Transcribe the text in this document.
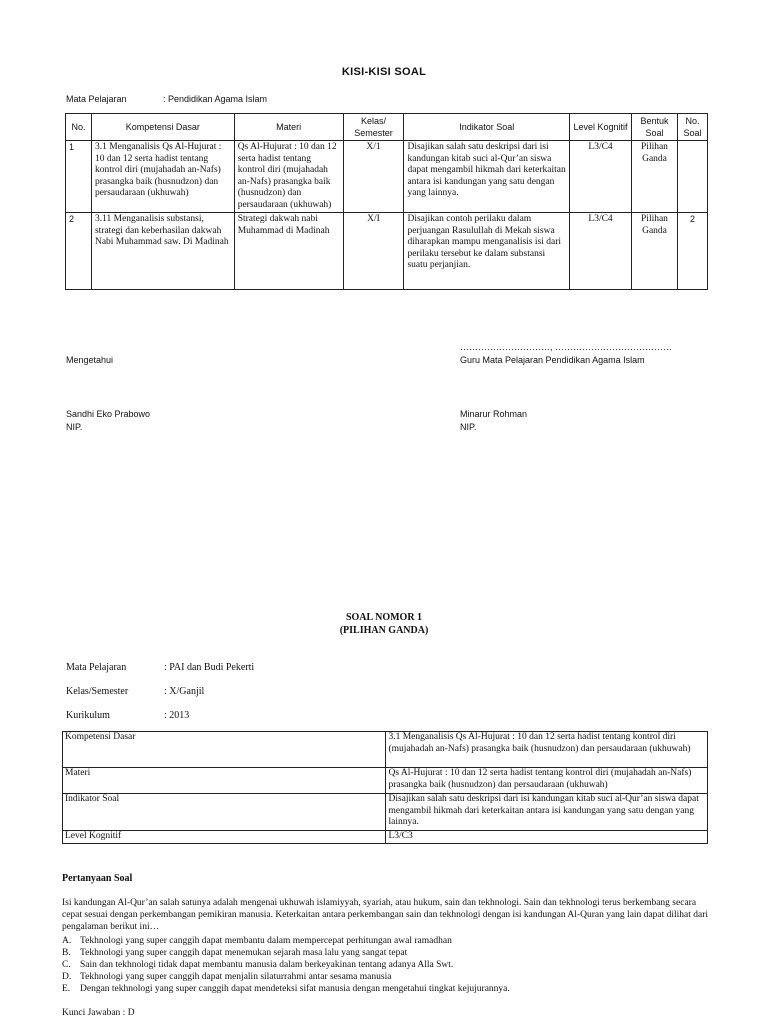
KISI-KISI SOAL
Mata Pelajaran	: Pendidikan Agama Islam
No.	Kompetensi Dasar	Materi	Kelas/ Semester	Indikator Soal	Level Kognitif	Bentuk Soal	No. Soal
1	3.1 Menganalisis Qs Al-Hujurat : 10 dan 12 serta hadist tentang kontrol diri (mujahadah an-Nafs) prasangka baik (husnudzon) dan persaudaraan (ukhuwah)	Qs Al-Hujurat : 10 dan 12 serta hadist tentang kontrol diri (mujahadah an-Nafs) prasangka baik (husnudzon) dan persaudaraan (ukhuwah)	X/1	Disajikan salah satu deskripsi dari isi kandungan kitab suci al-Qur’an siswa dapat mengambil hikmah dari keterkaitan antara isi kandungan yang satu dengan yang lainnya.	L3/C4	Pilihan Ganda	
2	3.11 Menganalisis substansi, strategi dan keberhasilan dakwah Nabi Muhammad saw. Di Madinah	Strategi dakwah nabi Muhammad di Madinah	X/I	Disajikan contoh perilaku dalam perjuangan Rasulullah di Mekah siswa diharapkan mampu menganalisis isi dari perilaku tersebut ke dalam substansi suatu perjanjian.	L3/C4	Pilihan Ganda	2
…………………………, …………………………………
Mengetahui	Guru Mata Pelajaran Pendidikan Agama Islam
Sandhi Eko Prabowo
NIP.
Minarur Rohman
NIP.
SOAL NOMOR 1
(PILIHAN GANDA)
Mata Pelajaran	: PAI dan Budi Pekerti
Kelas/Semester	: X/Ganjil
Kurikulum	: 2013
Kompetensi Dasar	3.1 Menganalisis Qs Al-Hujurat : 10 dan 12 serta hadist tentang kontrol diri (mujahadah an-Nafs) prasangka baik (husnudzon) dan persaudaraan (ukhuwah)
Materi	Qs Al-Hujurat : 10 dan 12 serta hadist tentang kontrol diri (mujahadah an-Nafs) prasangka baik (husnudzon) dan persaudaraan (ukhuwah)
Indikator Soal	Disajikan salah satu deskripsi dari isi kandungan kitab suci al-Qur’an siswa dapat mengambil hikmah dari keterkaitan antara isi kandungan yang satu dengan yang lainnya.
Level Kognitif	L3/C3
Pertanyaan Soal
Isi kandungan Al-Qur’an salah satunya adalah mengenai ukhuwah islamiyyah, syariah, atau hukum, sain dan tekhnologi. Sain dan tekhnologi terus berkembang secara cepat sesuai dengan perkembangan pemikiran manusia. Keterkaitan antara perkembangan sain dan tekhnologi dengan isi kandungan Al-Quran yang lain dapat dilihat dari pengalaman berikut ini…
A. Tekhnologi yang super canggih dapat membantu dalam mempercepat perhitungan awal ramadhan
B. Tekhnologi yang super canggih dapat menemukan sejarah masa lalu yang sangat tepat
C. Sain dan tekhnologi tidak dapat membantu manusia dalam berkeyakinan tentang adanya Alla Swt.
D. Tekhnologi yang super canggih dapat menjalin silaturrahmi antar sesama manusia
E. Dengan tekhnologi yang super canggih dapat mendeteksi sifat manusia dengan mengetahui tingkat kejujurannya.
Kunci Jawaban : D
